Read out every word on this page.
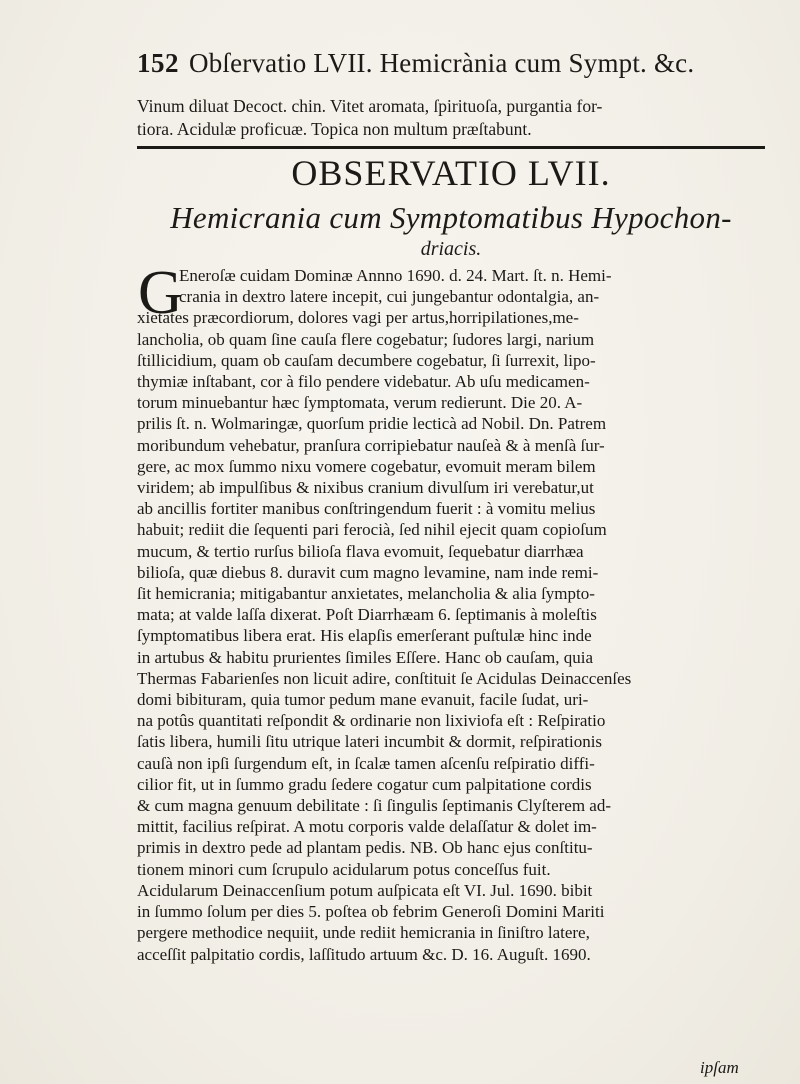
152 Obſervatio LVII. Hemicrània cum Sympt. &c.
Vinum diluat Decoct. chin. Vitet aromata, ſpirituoſa, purgantia for-
tiora. Acidulæ proficuæ. Topica non multum præſtabunt.
OBSERVATIO LVII.
Hemicrania cum Symptomatibus Hypochon-
driacis.
G
Eneroſæ cuidam Dominæ Annno 1690. d. 24. Mart. ſt. n. Hemi-
crania in dextro latere incepit, cui jungebantur odontalgia, an-
xietates præcordiorum, dolores vagi per artus,horripilationes,me-
lancholia, ob quam ſine cauſa flere cogebatur; ſudores largi, narium
ſtillicidium, quam ob cauſam decumbere cogebatur, ſi ſurrexit, lipo-
thymiæ inſtabant, cor à filo pendere videbatur. Ab uſu medicamen-
torum minuebantur hæc ſymptomata, verum redierunt. Die 20. A-
prilis ſt. n. Wolmaringæ, quorſum pridie lecticà ad Nobil. Dn. Patrem
moribundum vehebatur, pranſura corripiebatur nauſeà & à menſà ſur-
gere, ac mox ſummo nixu vomere cogebatur, evomuit meram bilem
viridem; ab impulſibus & nixibus cranium divulſum iri verebatur,ut
ab ancillis fortiter manibus conſtringendum fuerit : à vomitu melius
habuit; rediit die ſequenti pari ferocià, ſed nihil ejecit quam copioſum
mucum, & tertio rurſus bilioſa flava evomuit, ſequebatur diarrhæa
bilioſa, quæ diebus 8. duravit cum magno levamine, nam inde remi-
ſit hemicrania; mitigabantur anxietates, melancholia & alia ſympto-
mata; at valde laſſa dixerat. Poſt Diarrhæam 6. ſeptimanis à moleſtis
ſymptomatibus libera erat. His elapſis emerſerant puſtulæ hinc inde
in artubus & habitu prurientes ſimiles Eſſere. Hanc ob cauſam, quia
Thermas Fabarienſes non licuit adire, conſtituit ſe Acidulas Deinaccenſes
domi bibituram, quia tumor pedum mane evanuit, facile ſudat, uri-
na potûs quantitati reſpondit & ordinarie non lixiviofa eſt : Reſpiratio
ſatis libera, humili ſitu utrique lateri incumbit & dormit, reſpirationis
cauſà non ipſi ſurgendum eſt, in ſcalæ tamen aſcenſu reſpiratio diffi-
cilior fit, ut in ſummo gradu ſedere cogatur cum palpitatione cordis
& cum magna genuum debilitate : ſi ſingulis ſeptimanis Clyſterem ad-
mittit, facilius reſpirat. A motu corporis valde delaſſatur & dolet im-
primis in dextro pede ad plantam pedis. NB. Ob hanc ejus conſtitu-
tionem minori cum ſcrupulo acidularum potus conceſſus fuit.
Acidularum Deinaccenſium potum auſpicata eſt VI. Jul. 1690. bibit
in ſummo ſolum per dies 5. poſtea ob febrim Generoſi Domini Mariti
pergere methodice nequiit, unde rediit hemicrania in ſiniſtro latere,
acceſſit palpitatio cordis, laſſitudo artuum &c. D. 16. Auguſt. 1690.
ipſam
